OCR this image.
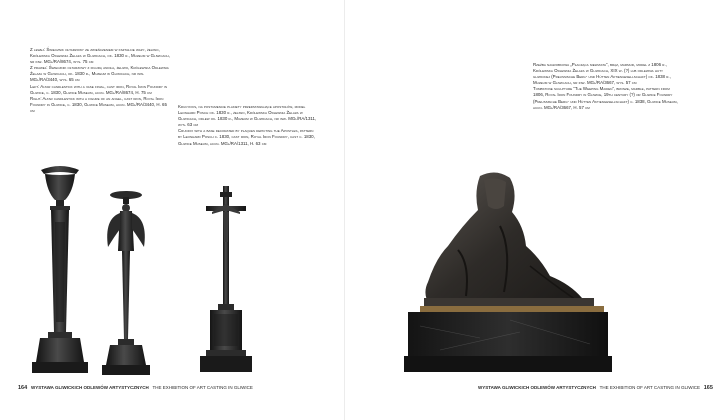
Z lewej: Świecznik ołtarzowy ze zwieńczeniem w kształcie wazy, żeliwo, Królewska Odlewnia Żelaza w Gliwicach, ok. 1830 r., Muzeum w Gliwicach, nr inw. MGl/RA/8674, wys. 75 cm

Z prawej: Świecznik ołtarzowy z figurą anioła, żeliwo, Królewska Odlewnia Żelaza w Gliwicach, ok. 1830 r., Muzeum w Gliwicach, nr inw. MGl/RA/3440, wys. 65 cm

Left: Altar candlestick with a vase finial, cast iron, Royal Iron Foundry in Gliwice, c. 1830, Gliwice Museum, accn. MGl/RA/8674, H. 75 cm

Right: Altar candlestick with a figure of an angel, cast iron, Royal Iron Foundry in Gliwice, c. 1830, Gliwice Museum, accn. MGl/RA/3440, H. 65 cm

Krucyfiks, na postumencie plakiety przedstawiające apostołów, model Leonhard Posch ok. 1830 r., żeliwo, Królewska Odlewnia Żelaza w Gliwicach, odlew ok. 1830 r., Muzeum w Gliwicach, nr inw. MGl/RA/1311, wys. 63 cm

Crucifix with a base decorated by plaques depicting the Apostles, pattern by Leonhard Posch c. 1830, cast iron, Royal Iron Foundry, cast c. 1830, Gliwice Museum, accn. MGl/RA/1311, H. 63 cm

164 WYSTAWA GLIWICKICH ODLEWÓW ARTYSTYCZNYCH THE EXHIBITION OF ART CASTING IN GLIWICE	WYSTAWA GLIWICKICH ODLEWÓW ARTYSTYCZNYCH THE EXHIBITION OF ART CASTING IN GLIWICE 165

Rzeźba nagrobkowa „Płacząca niewiasta”, brąz, marmur, model z 1806 r., Królewska Odlewnia Żelaza w Gliwicach, XIX w. (?) lub odlewnia huty gliwickiej (Preussische Berg- und Hütten Aktiengesellschaft) ok. 1838 r., Muzeum w Gliwicach, nr inw. MGl/RA/3667, wys. 57 cm

Tombstone sculpture “The Weeping Maiden”, bronze, marble, pattern from 1806, Royal Iron Foundry in Gliwice, 19th century (?) or Gliwice Foundry (Preussische Berg- und Hütten Aktiengesellschaft) c. 1838, Gliwice Museum, accn. MGl/RA/3667, H. 57 cm
